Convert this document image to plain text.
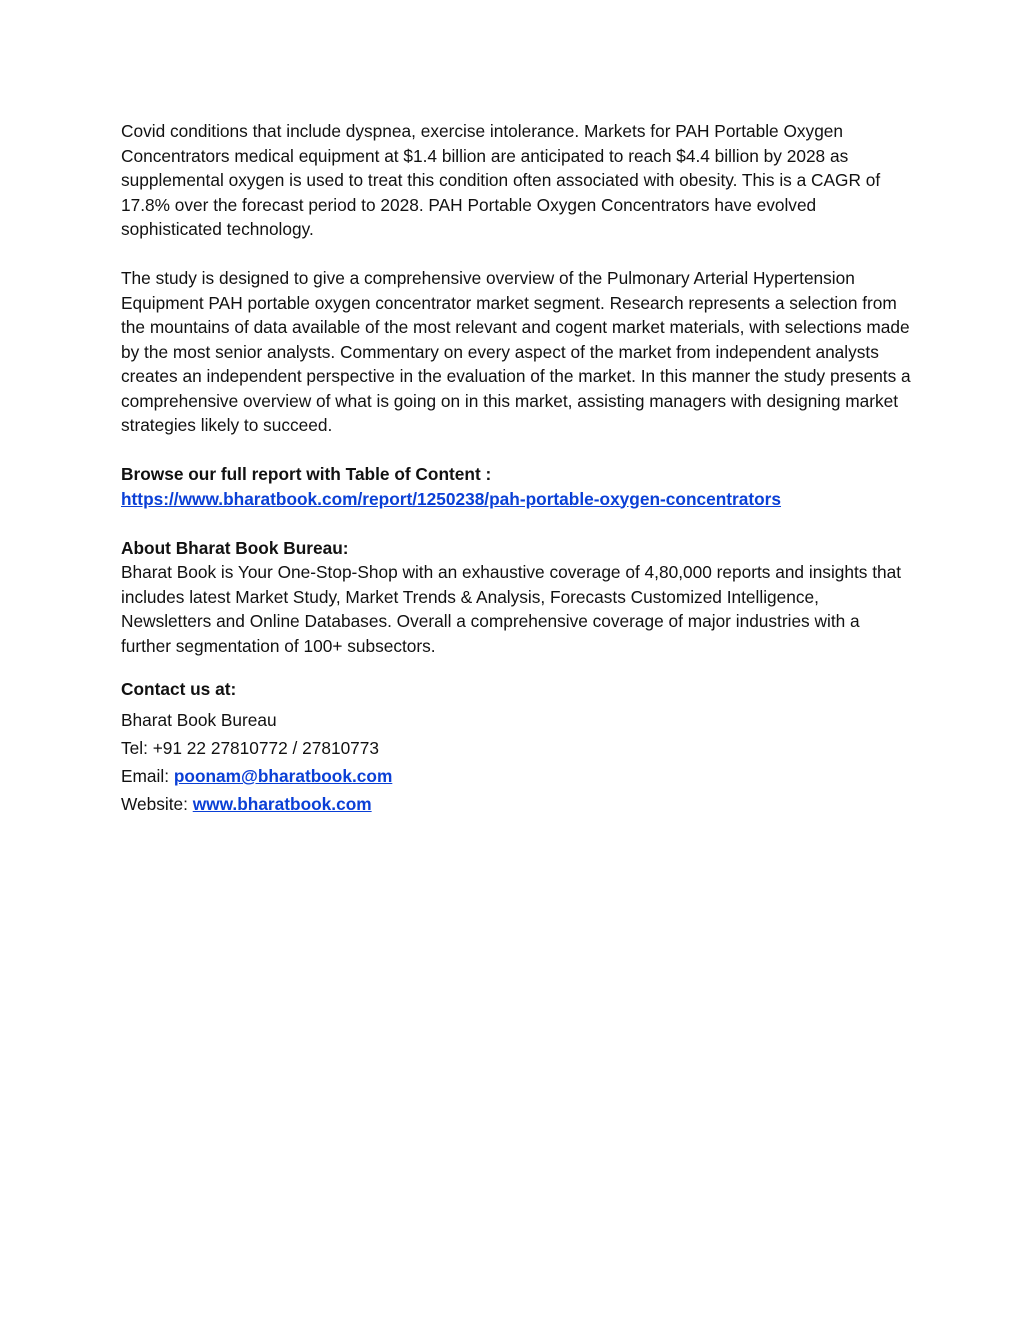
Covid conditions that include dyspnea, exercise intolerance. Markets for PAH Portable Oxygen Concentrators medical equipment at $1.4 billion are anticipated to reach $4.4 billion by 2028 as supplemental oxygen is used to treat this condition often associated with obesity. This is a CAGR of 17.8% over the forecast period to 2028. PAH Portable Oxygen Concentrators have evolved sophisticated technology.

The study is designed to give a comprehensive overview of the Pulmonary Arterial Hypertension Equipment PAH portable oxygen concentrator market segment. Research represents a selection from the mountains of data available of the most relevant and cogent market materials, with selections made by the most senior analysts. Commentary on every aspect of the market from independent analysts creates an independent perspective in the evaluation of the market. In this manner the study presents a comprehensive overview of what is going on in this market, assisting managers with designing market strategies likely to succeed.

Browse our full report with Table of Content :
https://www.bharatbook.com/report/1250238/pah-portable-oxygen-concentrators

About Bharat Book Bureau:
Bharat Book is Your One-Stop-Shop with an exhaustive coverage of 4,80,000 reports and insights that includes latest Market Study, Market Trends & Analysis, Forecasts Customized Intelligence, Newsletters and Online Databases. Overall a comprehensive coverage of major industries with a further segmentation of 100+ subsectors.

Contact us at:

Bharat Book Bureau

Tel: +91 22 27810772 / 27810773

Email: poonam@bharatbook.com

Website: www.bharatbook.com
